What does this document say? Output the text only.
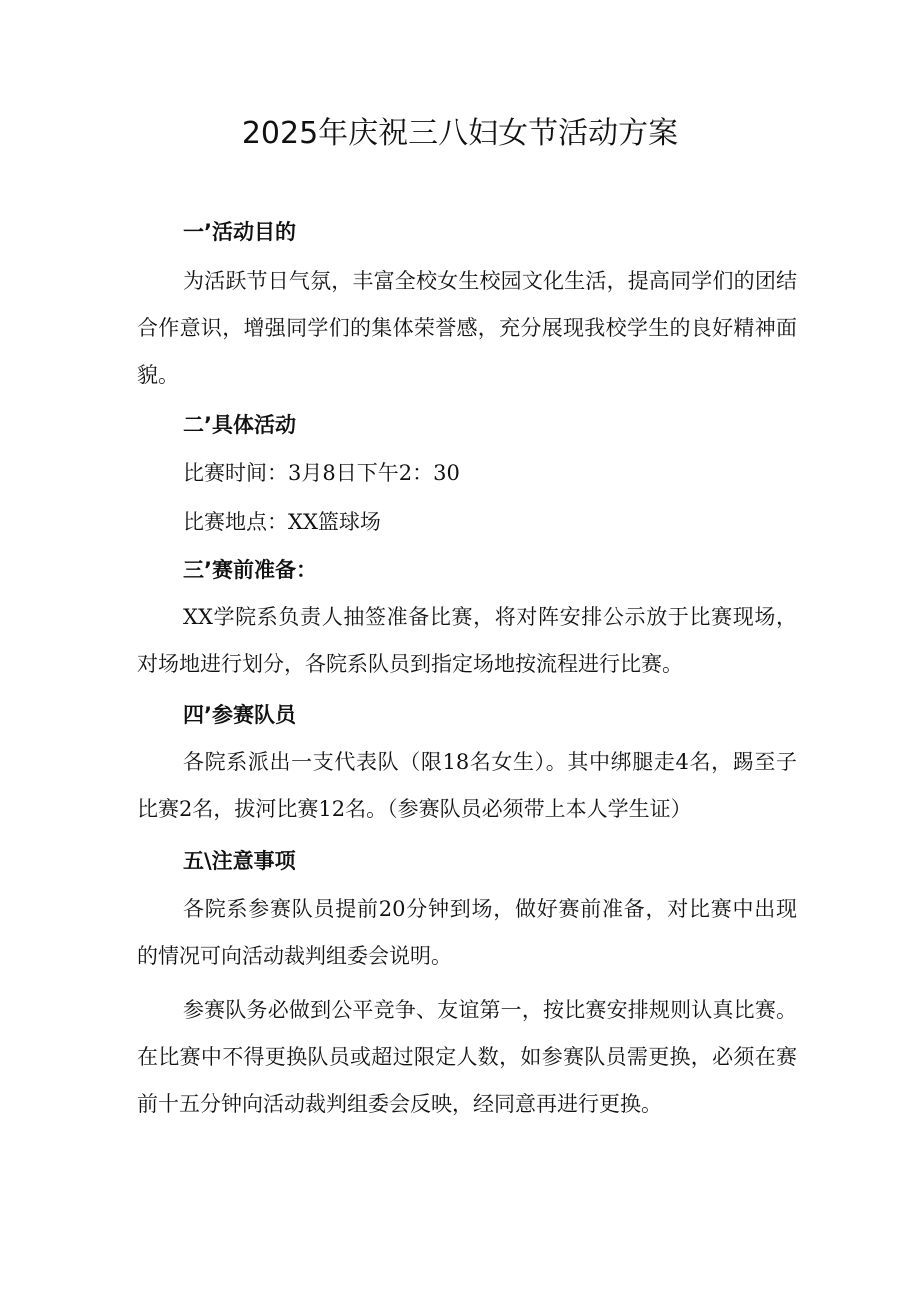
2025年庆祝三八妇女节活动方案
一’活动目的
为活跃节日气氛，丰富全校女生校园文化生活，提高同学们的团结合作意识，增强同学们的集体荣誉感，充分展现我校学生的良好精神面貌。
二’具体活动
比赛时间：3月8日下午2：30
比赛地点：XX篮球场
三’赛前准备：
XX学院系负责人抽签准备比赛，将对阵安排公示放于比赛现场，对场地进行划分，各院系队员到指定场地按流程进行比赛。
四’参赛队员
各院系派出一支代表队（限18名女生）。其中绑腿走4名，踢至子比赛2名，拔河比赛12名。（参赛队员必须带上本人学生证）
五\注意事项
各院系参赛队员提前20分钟到场，做好赛前准备，对比赛中出现的情况可向活动裁判组委会说明。
参赛队务必做到公平竞争、友谊第一，按比赛安排规则认真比赛。在比赛中不得更换队员或超过限定人数，如参赛队员需更换，必须在赛前十五分钟向活动裁判组委会反映，经同意再进行更换。
